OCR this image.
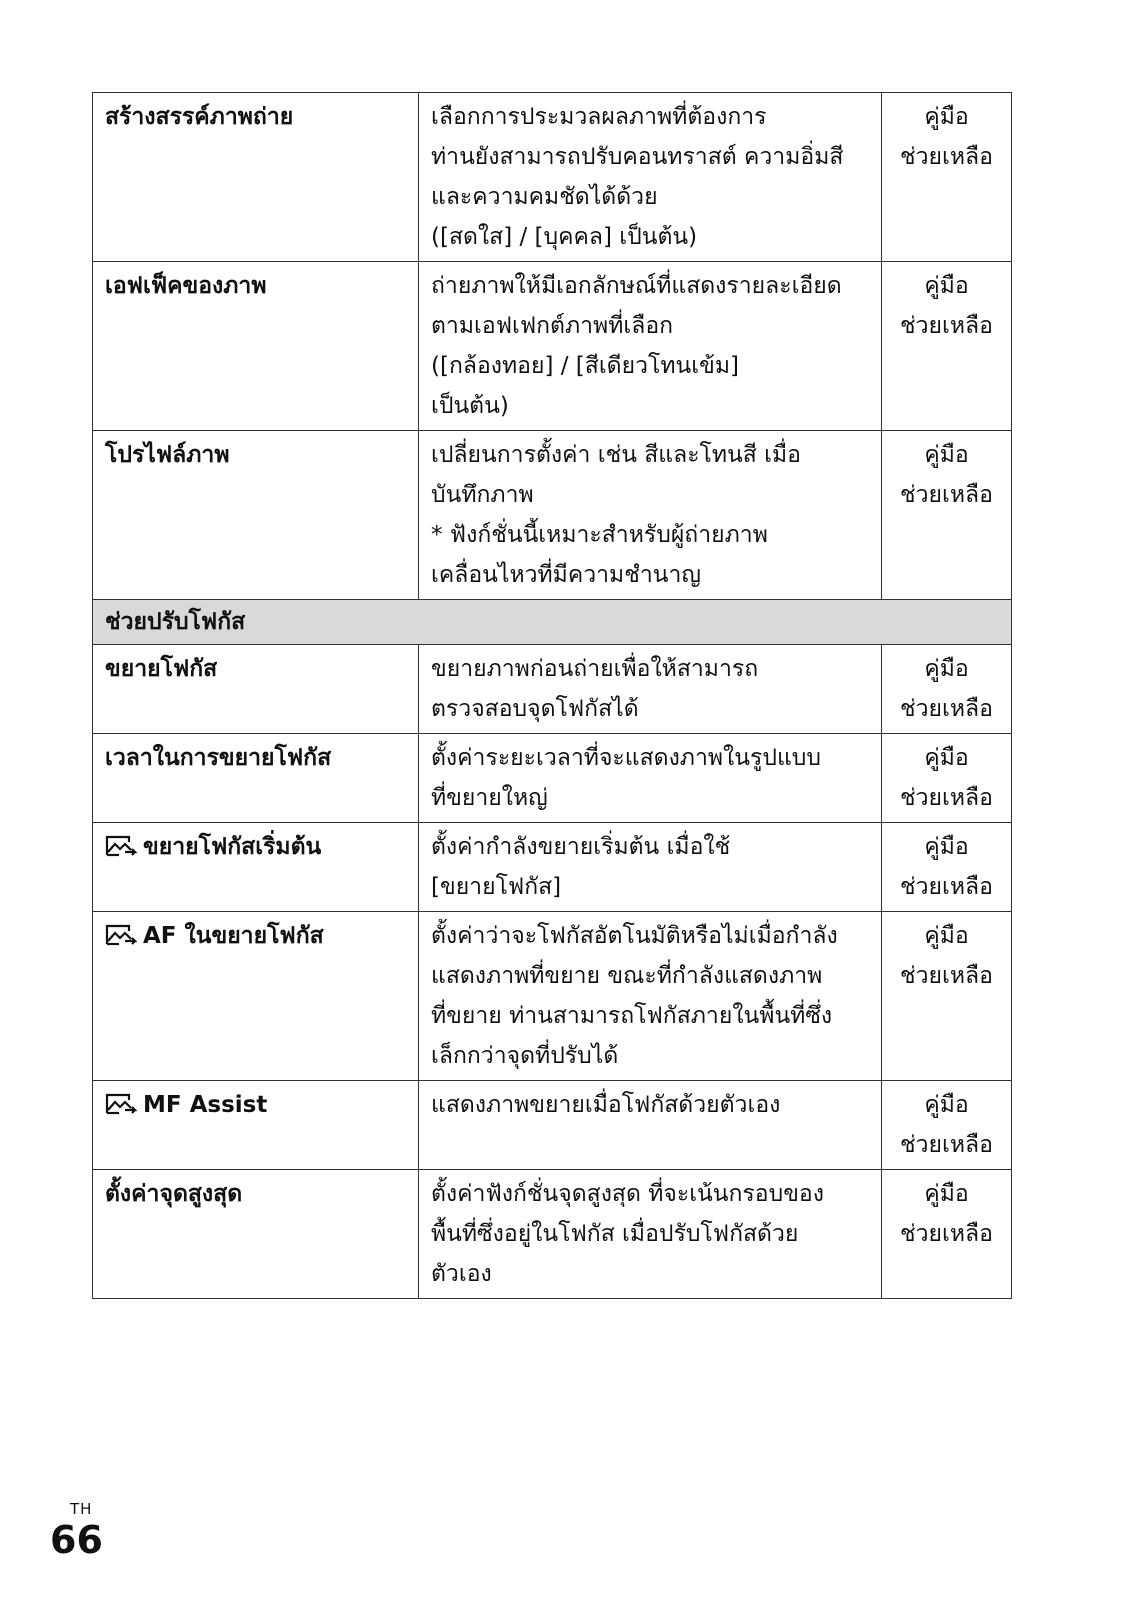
สร้างสรรค์ภาพถ่าย	เลือกการประมวลผลภาพที่ต้องการ
ท่านยังสามารถปรับคอนทราสต์ ความอิ่มสี
และความคมชัดได้ด้วย
([สดใส] / [บุคคล] เป็นต้น)	คู่มือ
ช่วยเหลือ
เอฟเฟ็คของภาพ	ถ่ายภาพให้มีเอกลักษณ์ที่แสดงรายละเอียด
ตามเอฟเฟกต์ภาพที่เลือก
([กล้องทอย] / [สีเดียวโทนเข้ม]
เป็นต้น)	คู่มือ
ช่วยเหลือ
โปรไฟล์ภาพ	เปลี่ยนการตั้งค่า เช่น สีและโทนสี เมื่อ
บันทึกภาพ
* ฟังก์ชั่นนี้เหมาะสำหรับผู้ถ่ายภาพ
เคลื่อนไหวที่มีความชำนาญ	คู่มือ
ช่วยเหลือ
ช่วยปรับโฟกัส		
ขยายโฟกัส	ขยายภาพก่อนถ่ายเพื่อให้สามารถ
ตรวจสอบจุดโฟกัสได้	คู่มือ
ช่วยเหลือ
เวลาในการขยายโฟกัส	ตั้งค่าระยะเวลาที่จะแสดงภาพในรูปแบบ
ที่ขยายใหญ่	คู่มือ
ช่วยเหลือ
ขยายโฟกัสเริ่มต้น	ตั้งค่ากำลังขยายเริ่มต้น เมื่อใช้
[ขยายโฟกัส]	คู่มือ
ช่วยเหลือ
AF ในขยายโฟกัส	ตั้งค่าว่าจะโฟกัสอัตโนมัติหรือไม่เมื่อกำลัง
แสดงภาพที่ขยาย ขณะที่กำลังแสดงภาพ
ที่ขยาย ท่านสามารถโฟกัสภายในพื้นที่ซึ่ง
เล็กกว่าจุดที่ปรับได้	คู่มือ
ช่วยเหลือ
MF Assist	แสดงภาพขยายเมื่อโฟกัสด้วยตัวเอง	คู่มือ
ช่วยเหลือ
ตั้งค่าจุดสูงสุด	ตั้งค่าฟังก์ชั่นจุดสูงสุด ที่จะเน้นกรอบของ
พื้นที่ซึ่งอยู่ในโฟกัส เมื่อปรับโฟกัสด้วย
ตัวเอง	คู่มือ
ช่วยเหลือ
TH
66
